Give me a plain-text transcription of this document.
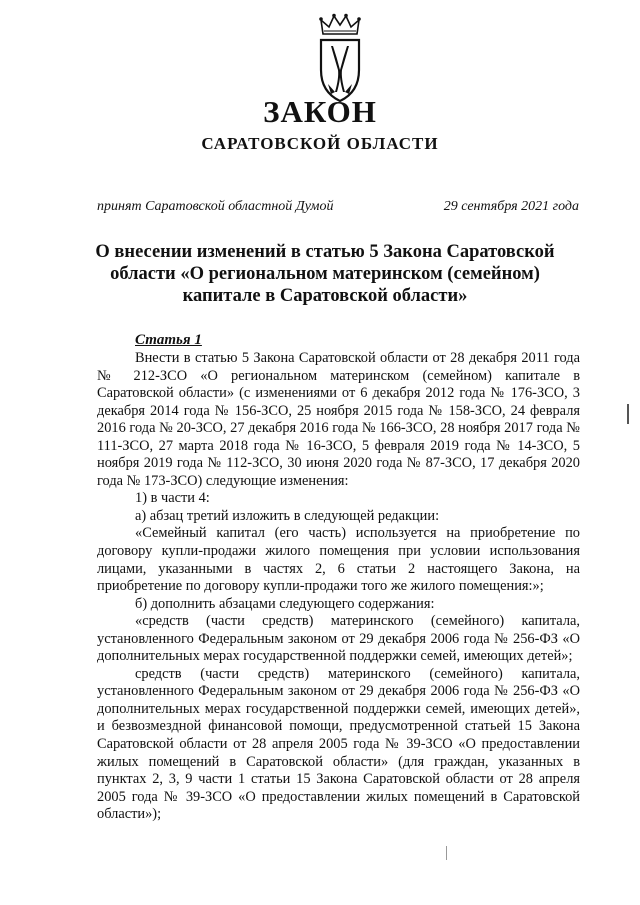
ЗАКОН
САРАТОВСКОЙ ОБЛАСТИ
принят Саратовской областной Думой	29 сентября 2021 года
О внесении изменений в статью 5 Закона Саратовской области «О региональном материнском (семейном) капитале в Саратовской области»
Статья 1

Внести в статью 5 Закона Саратовской области от 28 декабря 2011 года № 212-ЗСО «О региональном материнском (семейном) капитале в Саратовской области» (с изменениями от 6 декабря 2012 года № 176-ЗСО, 3 декабря 2014 года № 156-ЗСО, 25 ноября 2015 года № 158-ЗСО, 24 февраля 2016 года № 20-ЗСО, 27 декабря 2016 года № 166-ЗСО, 28 ноября 2017 года № 111-ЗСО, 27 марта 2018 года № 16-ЗСО, 5 февраля 2019 года № 14-ЗСО, 5 ноября 2019 года № 112-ЗСО, 30 июня 2020 года № 87-ЗСО, 17 декабря 2020 года № 173-ЗСО) следующие изменения:

1) в части 4:

а) абзац третий изложить в следующей редакции:

«Семейный капитал (его часть) используется на приобретение по договору купли-продажи жилого помещения при условии использования лицами, указанными в частях 2, 6 статьи 2 настоящего Закона, на приобретение по договору купли-продажи того же жилого помещения:»;

б) дополнить абзацами следующего содержания:

«средств (части средств) материнского (семейного) капитала, установленного Федеральным законом от 29 декабря 2006 года № 256-ФЗ «О дополнительных мерах государственной поддержки семей, имеющих детей»;

средств (части средств) материнского (семейного) капитала, установленного Федеральным законом от 29 декабря 2006 года № 256-ФЗ «О дополнительных мерах государственной поддержки семей, имеющих детей», и безвозмездной финансовой помощи, предусмотренной статьей 15 Закона Саратовской области от 28 апреля 2005 года № 39-ЗСО «О предоставлении жилых помещений в Саратовской области» (для граждан, указанных в пунктах 2, 3, 9 части 1 статьи 15 Закона Саратовской области от 28 апреля 2005 года № 39-ЗСО «О предоставлении жилых помещений в Саратовской области»);
